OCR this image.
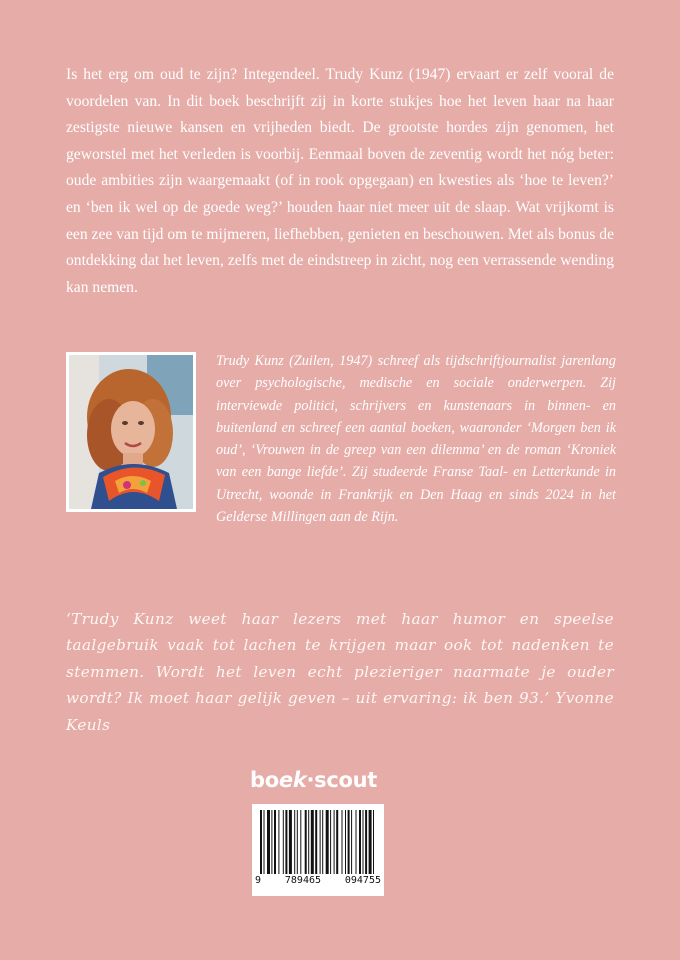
Is het erg om oud te zijn? Integendeel. Trudy Kunz (1947) ervaart er zelf vooral de voordelen van. In dit boek beschrijft zij in korte stukjes hoe het leven haar na haar zestigste nieuwe kansen en vrijheden biedt. De grootste hordes zijn genomen, het geworstel met het verleden is voorbij. Eenmaal boven de zeventig wordt het nóg beter: oude ambities zijn waargemaakt (of in rook opgegaan) en kwesties als ‘hoe te leven?’ en ‘ben ik wel op de goede weg?’ houden haar niet meer uit de slaap. Wat vrijkomt is een zee van tijd om te mijmeren, liefhebben, genieten en beschouwen. Met als bonus de ontdekking dat het leven, zelfs met de eindstreep in zicht, nog een verrassende wending kan nemen.

Trudy Kunz (Zuilen, 1947) schreef als tijdschriftjournalist jarenlang over psychologische, medische en sociale onderwerpen. Zij interviewde politici, schrijvers en kunstenaars in binnen- en buitenland en schreef een aantal boeken, waaronder ‘Morgen ben ik oud’, ‘Vrouwen in de greep van een dilemma’ en de roman ‘Kroniek van een bange liefde’. Zij studeerde Franse Taal- en Letterkunde in Utrecht, woonde in Frankrijk en Den Haag en sinds 2024 in het Gelderse Millingen aan de Rijn.

‘Trudy Kunz weet haar lezers met haar humor en speelse taalgebruik vaak tot lachen te krijgen maar ook tot nadenken te stemmen. Wordt het leven echt plezieriger naarmate je ouder wordt? Ik moet haar gelijk geven – uit ervaring: ik ben 93.’ Yvonne Keuls

boek·scout
9 789465 094755
